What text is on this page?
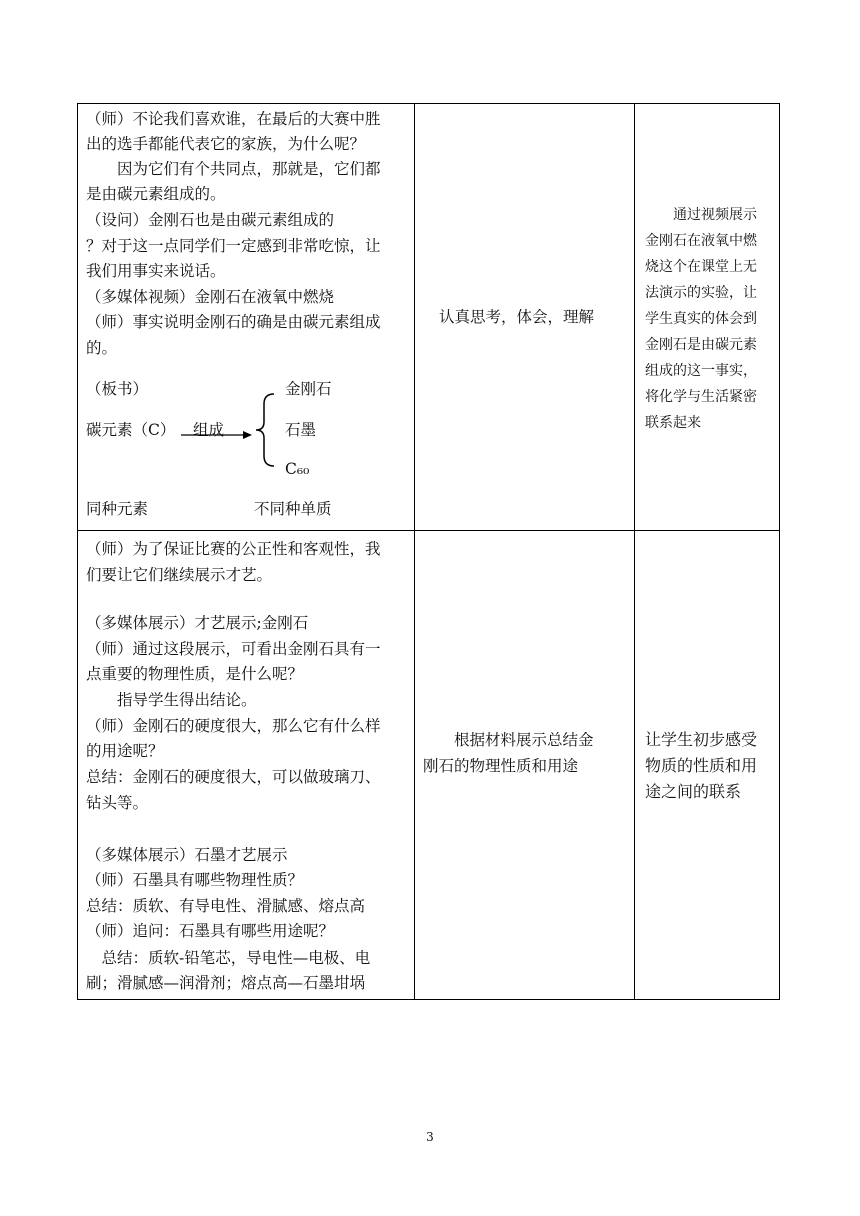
（师）不论我们喜欢谁，在最后的大赛中胜
出的选手都能代表它的家族，为什么呢？
　　因为它们有个共同点，那就是，它们都
是由碳元素组成的。
（设问）金刚石也是由碳元素组成的
？对于这一点同学们一定感到非常吃惊，让
我们用事实来说话。
（多媒体视频）金刚石在液氧中燃烧
（师）事实说明金刚石的确是由碳元素组成
的。
（板书）
碳元素（C） 组成
金刚石
石墨
C₆₀
同种元素	不同种单质
认真思考，体会，理解
　　通过视频展示
金刚石在液氧中燃
烧这个在课堂上无
法演示的实验，让
学生真实的体会到
金刚石是由碳元素
组成的这一事实，
将化学与生活紧密
联系起来
（师）为了保证比赛的公正性和客观性，我
们要让它们继续展示才艺。
（多媒体展示）才艺展示;金刚石
（师）通过这段展示，可看出金刚石具有一
点重要的物理性质，是什么呢？
　　指导学生得出结论。
（师）金刚石的硬度很大，那么它有什么样
的用途呢？
总结：金刚石的硬度很大，可以做玻璃刀、
钻头等。
（多媒体展示）石墨才艺展示
（师）石墨具有哪些物理性质？
总结：质软、有导电性、滑腻感、熔点高
（师）追问：石墨具有哪些用途呢？
　总结：质软-铅笔芯，导电性—电极、电
刷；滑腻感—润滑剂；熔点高—石墨坩埚
　　根据材料展示总结金
刚石的物理性质和用途
让学生初步感受
物质的性质和用
途之间的联系
3
